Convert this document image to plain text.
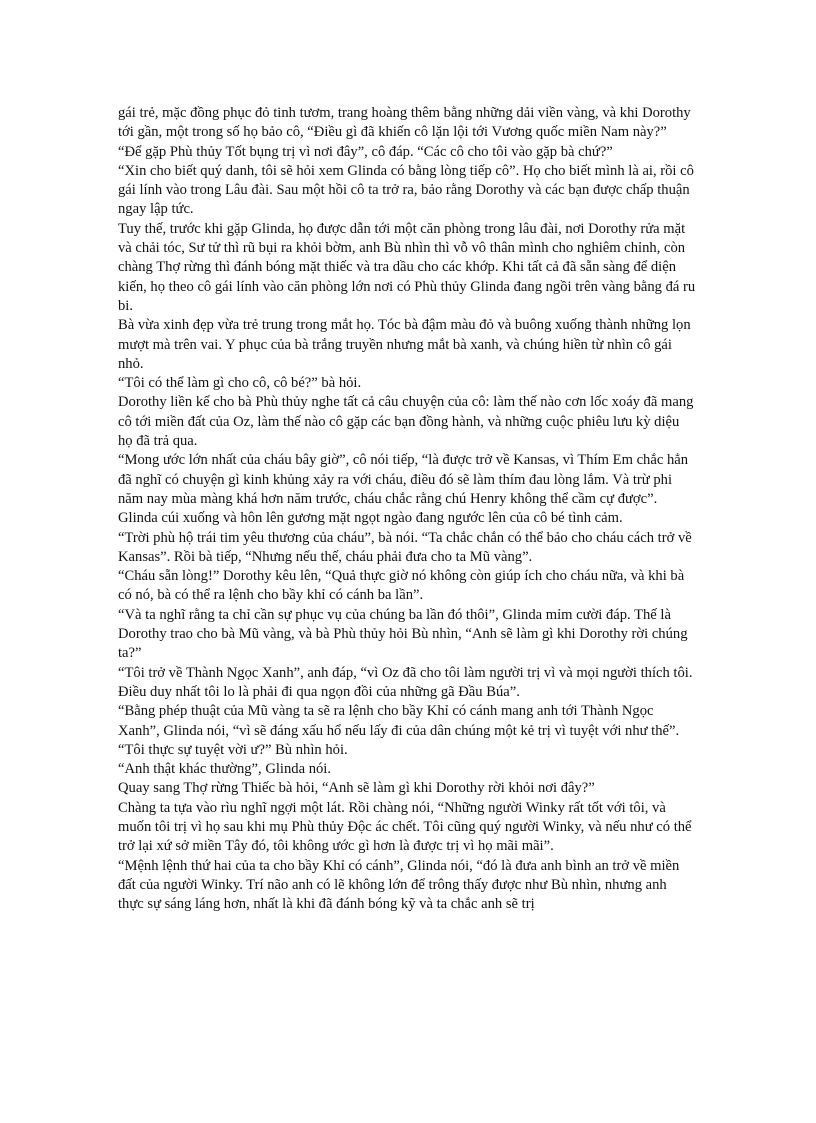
gái trẻ, mặc đồng phục đỏ tinh tươm, trang hoàng thêm bằng những dải viền vàng, và khi Dorothy tới gần, một trong số họ bảo cô, “Điều gì đã khiến cô lặn lội tới Vương quốc miền Nam này?”

“Để gặp Phù thủy Tốt bụng trị vì nơi đây”, cô đáp. “Các cô cho tôi vào gặp bà chứ?”

“Xin cho biết quý danh, tôi sẽ hỏi xem Glinda có bằng lòng tiếp cô”. Họ cho biết mình là ai, rồi cô gái lính vào trong Lâu đài. Sau một hồi cô ta trở ra, bảo rằng Dorothy và các bạn được chấp thuận ngay lập tức.

Tuy thế, trước khi gặp Glinda, họ được dẫn tới một căn phòng trong lâu đài, nơi Dorothy rửa mặt và chải tóc, Sư tử thì rũ bụi ra khỏi bờm, anh Bù nhìn thì vỗ vô thân mình cho nghiêm chỉnh, còn chàng Thợ rừng thì đánh bóng mặt thiếc và tra dầu cho các khớp. Khi tất cả đã sẵn sàng để diện kiến, họ theo cô gái lính vào căn phòng lớn nơi có Phù thủy Glinda đang ngồi trên vàng bằng đá ru bi.

Bà vừa xinh đẹp vừa trẻ trung trong mắt họ. Tóc bà đậm màu đỏ và buông xuống thành những lọn mượt mà trên vai. Y phục của bà trắng truyền nhưng mắt bà xanh, và chúng hiền từ nhìn cô gái nhỏ.

“Tôi có thể làm gì cho cô, cô bé?” bà hỏi.

Dorothy liền kể cho bà Phù thủy nghe tất cả câu chuyện của cô: làm thế nào cơn lốc xoáy đã mang cô tới miền đất của Oz, làm thế nào cô gặp các bạn đồng hành, và những cuộc phiêu lưu kỳ diệu họ đã trả qua.

“Mong ước lớn nhất của cháu bây giờ”, cô nói tiếp, “là được trở về Kansas, vì Thím Em chắc hẳn đã nghĩ có chuyện gì kinh khủng xảy ra với cháu, điều đó sẽ làm thím đau lòng lắm. Và trừ phi năm nay mùa màng khá hơn năm trước, cháu chắc rằng chú Henry không thể cầm cự được”.

Glinda cúi xuống và hôn lên gương mặt ngọt ngào đang ngước lên của cô bé tình cảm.

“Trời phù hộ trái tim yêu thương của cháu”, bà nói. “Ta chắc chắn có thể bảo cho cháu cách trở về Kansas”. Rồi bà tiếp, “Nhưng nếu thế, cháu phải đưa cho ta Mũ vàng”.

“Cháu sẵn lòng!” Dorothy kêu lên, “Quả thực giờ nó không còn giúp ích cho cháu nữa, và khi bà có nó, bà có thể ra lệnh cho bầy khỉ có cánh ba lần”.

“Và ta nghĩ rằng ta chỉ cần sự phục vụ của chúng ba lần đó thôi”, Glinda mỉm cười đáp. Thế là Dorothy trao cho bà Mũ vàng, và bà Phù thủy hỏi Bù nhìn, “Anh sẽ làm gì khi Dorothy rời chúng ta?”

“Tôi trở về Thành Ngọc Xanh”, anh đáp, “vì Oz đã cho tôi làm người trị vì và mọi người thích tôi. Điều duy nhất tôi lo là phải đi qua ngọn đồi của những gã Đầu Búa”.

“Bằng phép thuật của Mũ vàng ta sẽ ra lệnh cho bầy Khỉ có cánh mang anh tới Thành Ngọc Xanh”, Glinda nói, “vì sẽ đáng xấu hổ nếu lấy đi của dân chúng một kẻ trị vì tuyệt với như thế”.

“Tôi thực sự tuyệt vời ư?” Bù nhìn hỏi.

“Anh thật khác thường”, Glinda nói.

Quay sang Thợ rừng Thiếc bà hỏi, “Anh sẽ làm gì khi Dorothy rời khỏi nơi đây?”

Chàng ta tựa vào rìu nghĩ ngợi một lát. Rồi chàng nói, “Những người Winky rất tốt với tôi, và muốn tôi trị vì họ sau khi mụ Phù thủy Độc ác chết. Tôi cũng quý người Winky, và nếu như có thể trở lại xứ sở miền Tây đó, tôi không ước gì hơn là được trị vì họ mãi mãi”.

“Mệnh lệnh thứ hai của ta cho bầy Khỉ có cánh”, Glinda nói, “đó là đưa anh bình an trở về miền đất của người Winky. Trí não anh có lẽ không lớn để trông thấy được như Bù nhìn, nhưng anh thực sự sáng láng hơn, nhất là khi đã đánh bóng kỹ và ta chắc anh sẽ trị
